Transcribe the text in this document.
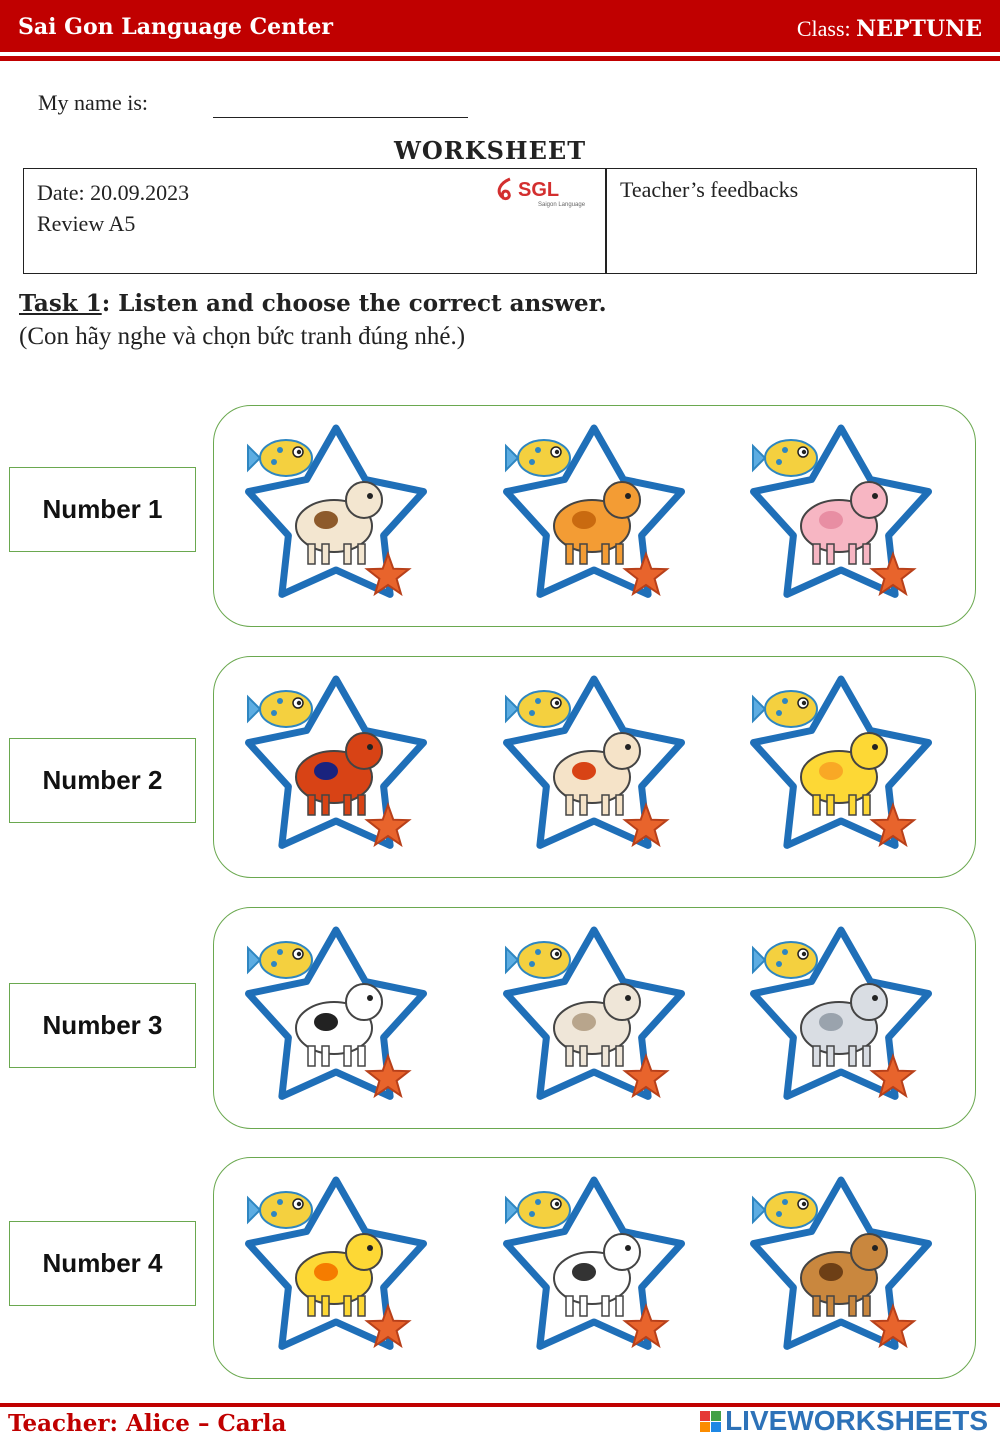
Sai Gon Language Center	Class: NEPTUNE
My name is:
WORKSHEET
Date: 20.09.2023
Review A5
SGL
Saigon Language
Teacher’s feedbacks
Task 1: Listen and choose the correct answer.
(Con hãy nghe và chọn bức tranh đúng nhé.)
Number 1
Number 2
Number 3
Number 4
Teacher: Alice – Carla	LIVEWORKSHEETS
